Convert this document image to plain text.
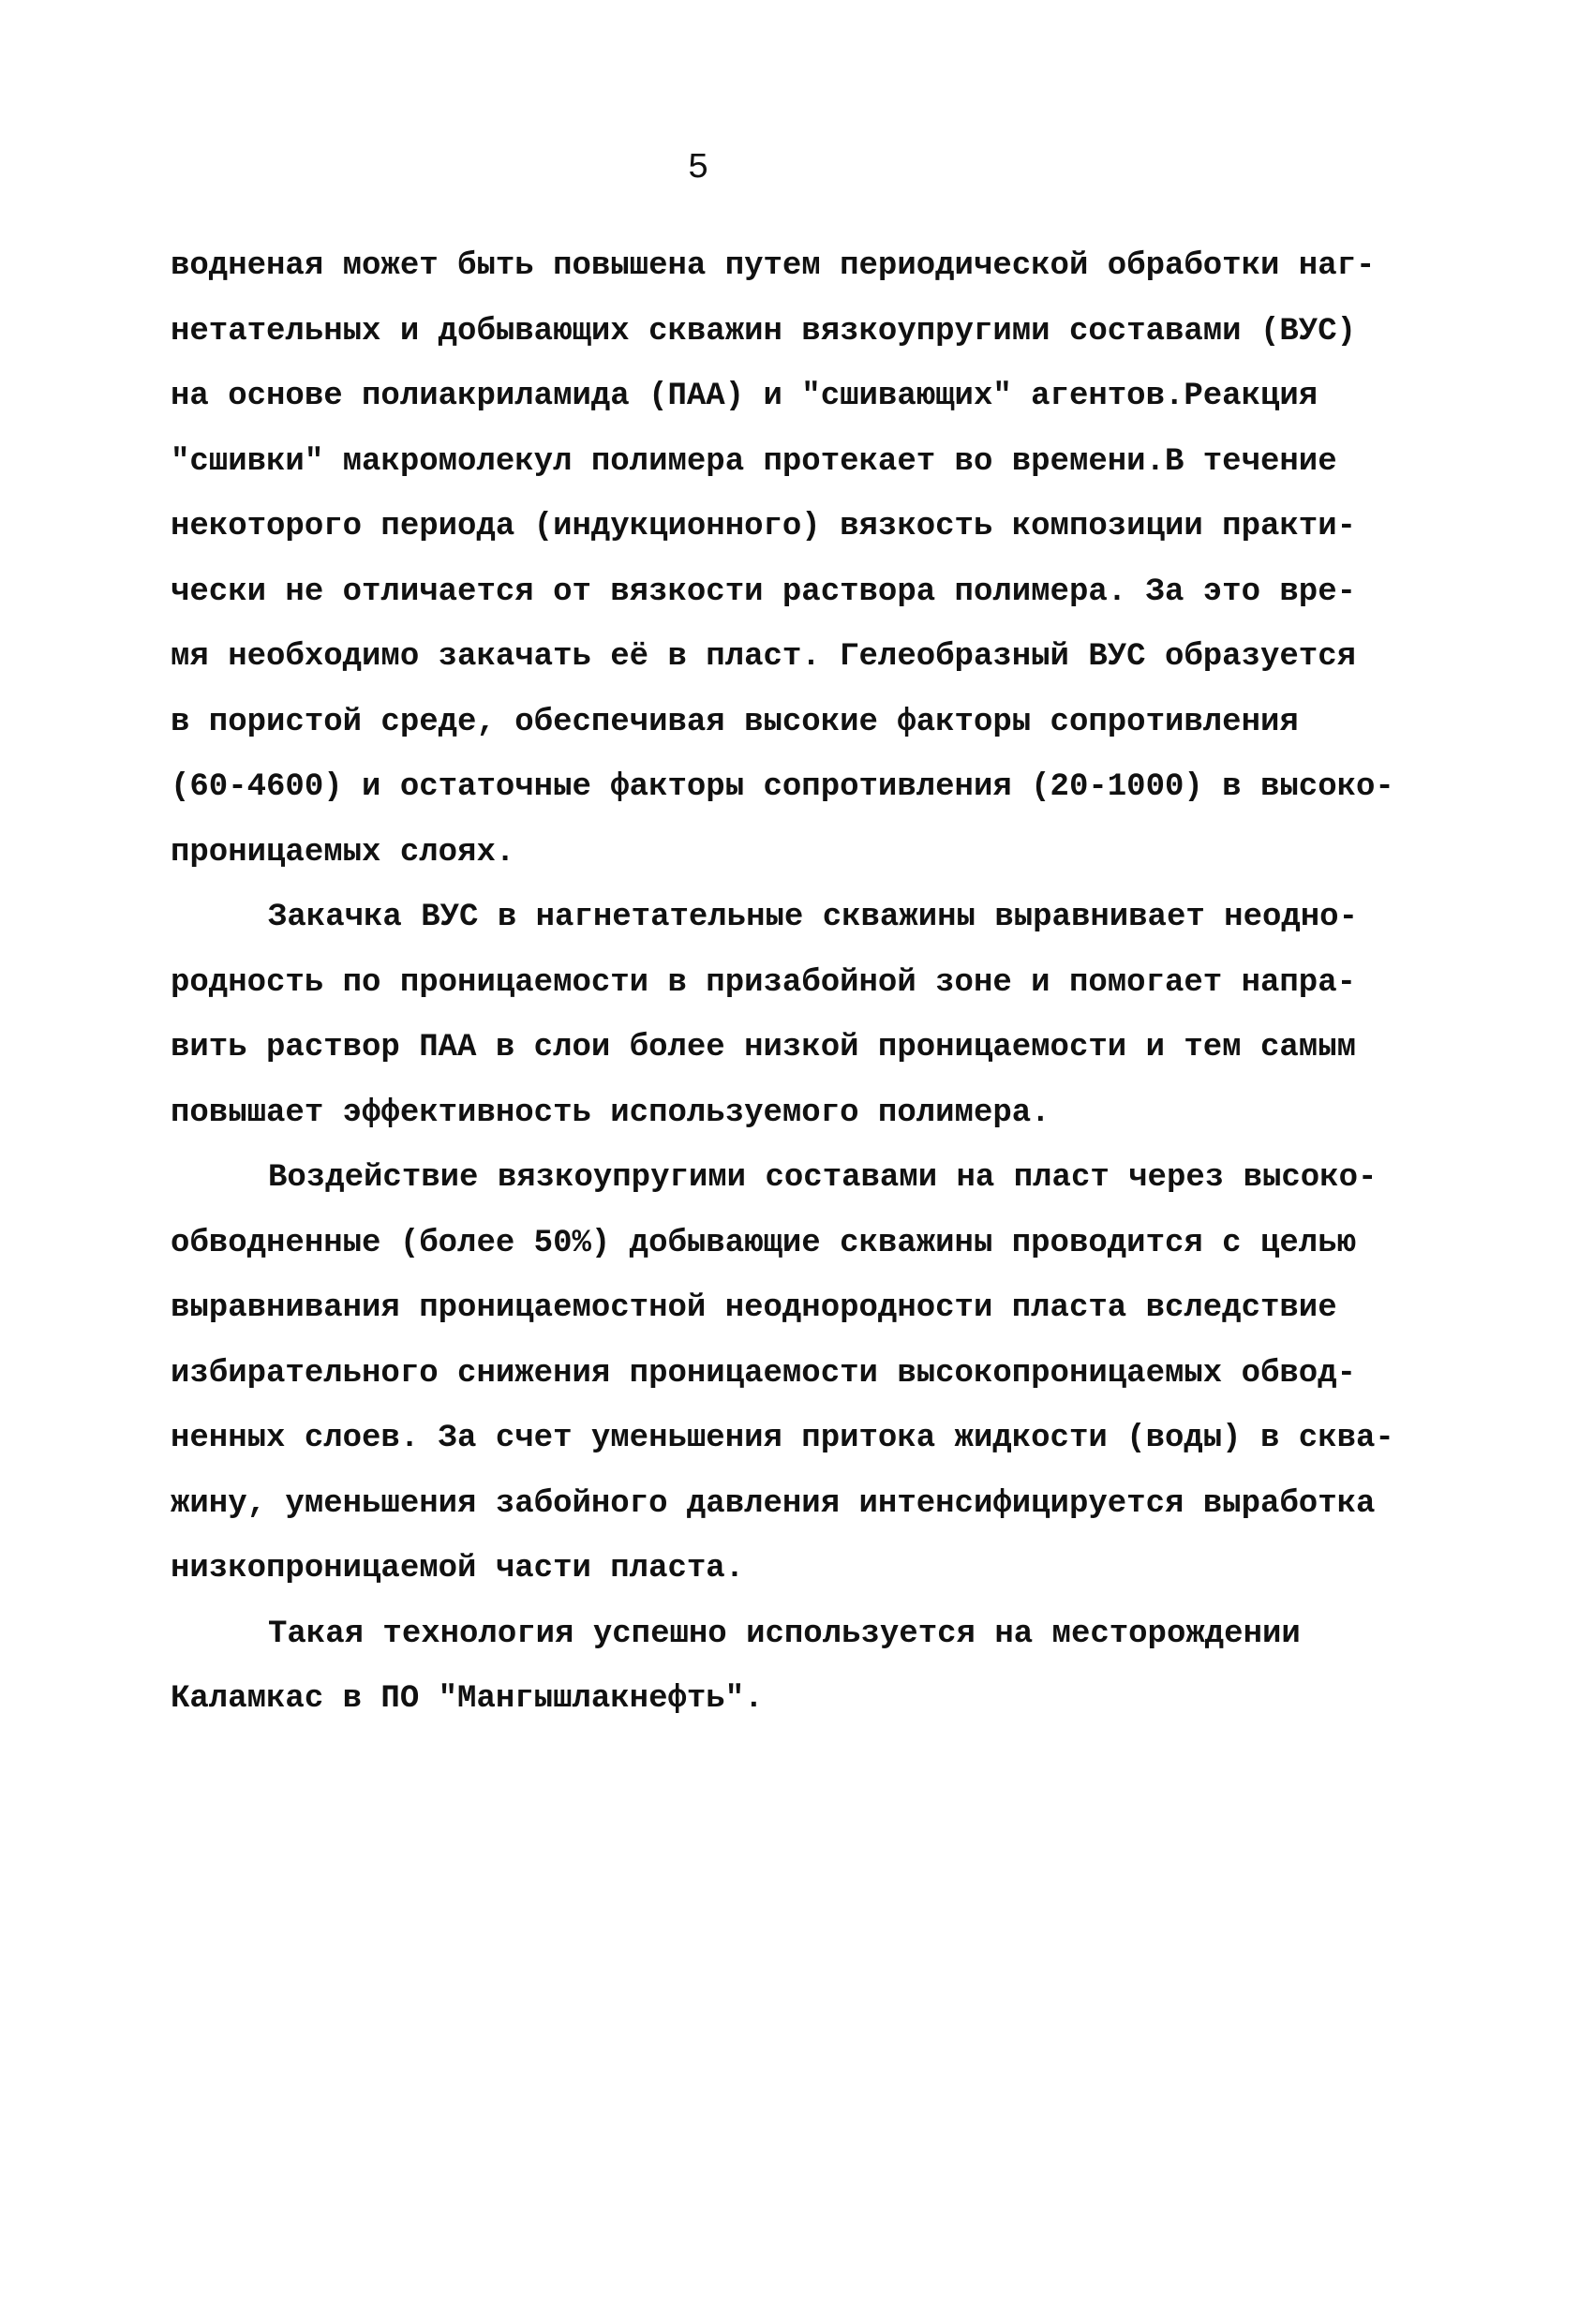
5
водненая может быть повышена путем периодической обработки наг-
нетательных и добывающих скважин вязкоупругими составами (ВУС)
на основе полиакриламида (ПАА) и "сшивающих" агентов.Реакция
"сшивки" макромолекул полимера протекает во времени.В течение
некоторого периода (индукционного) вязкость композиции практи-
чески не отличается от вязкости раствора полимера. За это вре-
мя необходимо закачать её в пласт. Гелеобразный ВУС образуется
в пористой среде, обеспечивая высокие факторы сопротивления
(60-4600) и остаточные факторы сопротивления (20-1000) в высоко-
проницаемых слоях.
Закачка ВУС в нагнетательные скважины выравнивает неодно-
родность по проницаемости в призабойной зоне и помогает напра-
вить раствор ПАА в слои более низкой проницаемости и тем самым
повышает эффективность используемого полимера.
Воздействие вязкоупругими составами на пласт через высоко-
обводненные (более 50%) добывающие скважины проводится с целью
выравнивания проницаемостной неоднородности пласта вследствие
избирательного снижения проницаемости высокопроницаемых обвод-
ненных слоев. За счет уменьшения притока жидкости (воды) в сква-
жину, уменьшения забойного давления интенсифицируется выработка
низкопроницаемой части пласта.
Такая технология успешно используется на месторождении
Каламкас в ПО "Мангышлакнефть".
